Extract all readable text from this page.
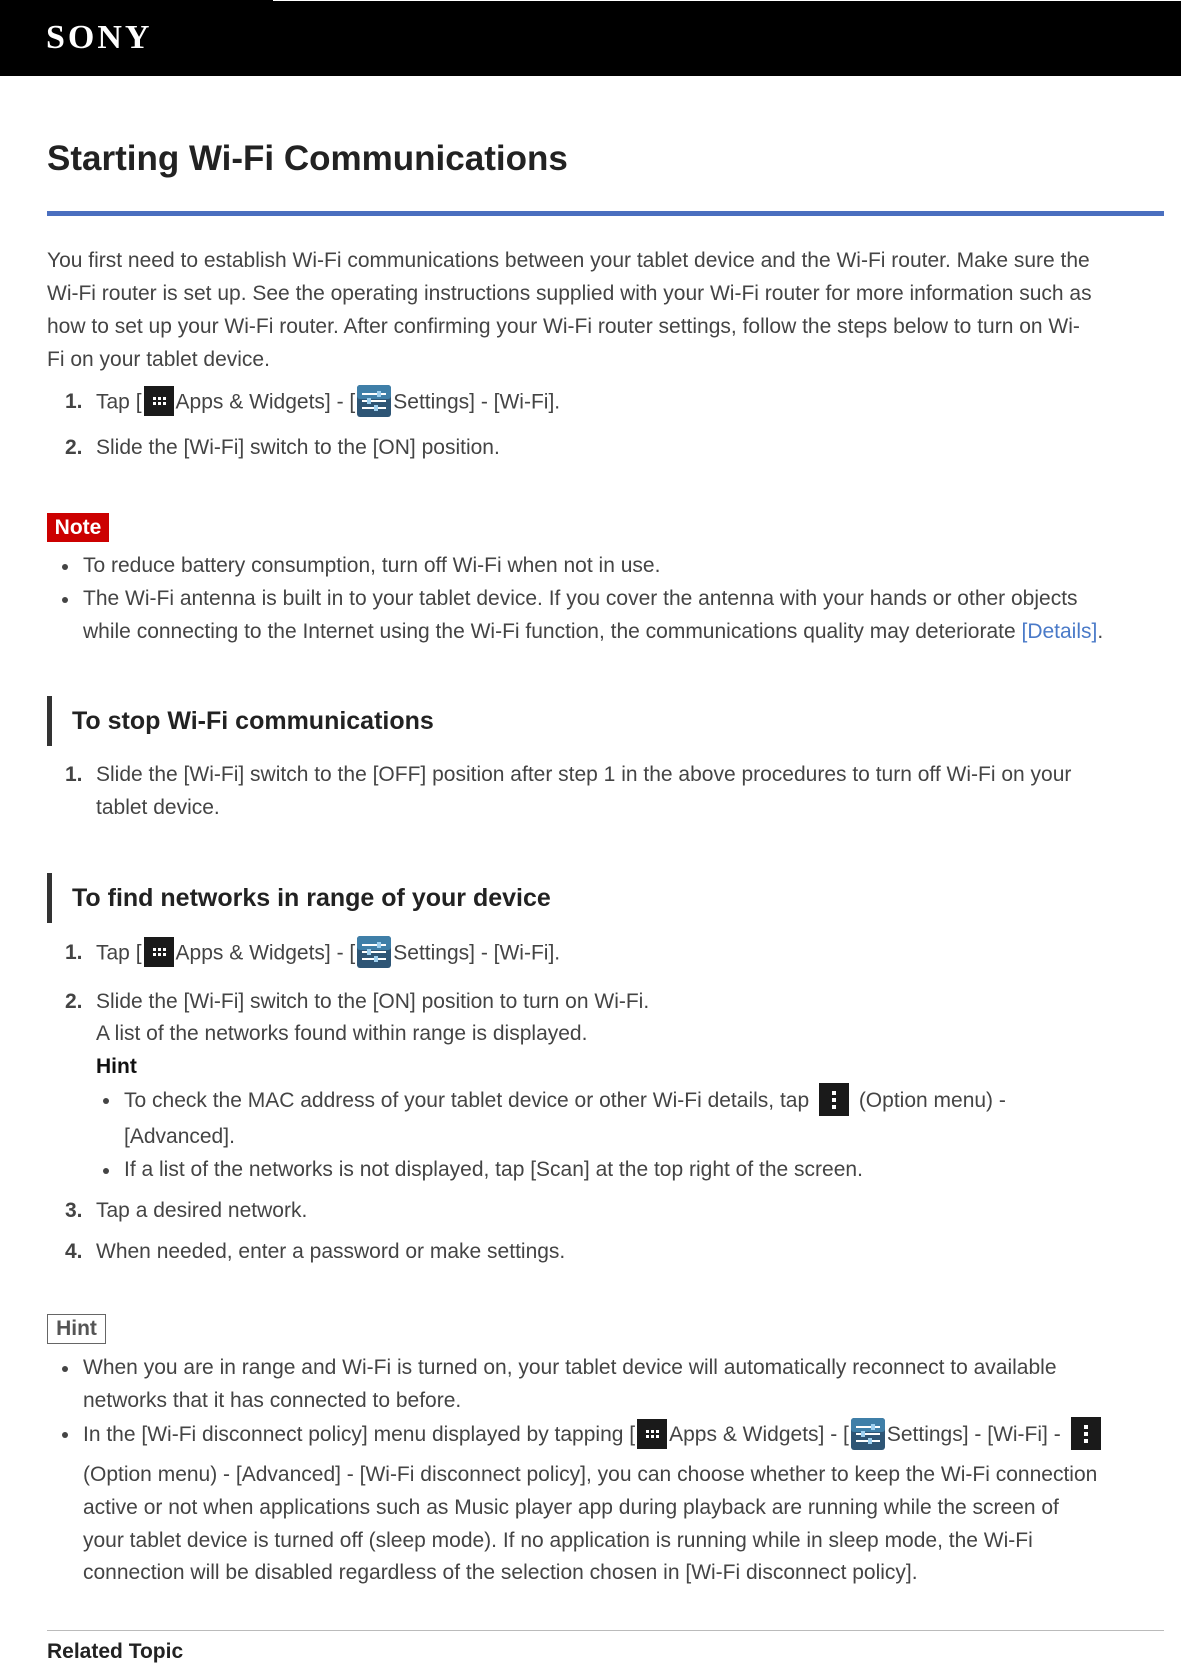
SONY
Starting Wi-Fi Communications
You first need to establish Wi-Fi communications between your tablet device and the Wi-Fi router. Make sure the
Wi-Fi router is set up. See the operating instructions supplied with your Wi-Fi router for more information such as
how to set up your Wi-Fi router. After confirming your Wi-Fi router settings, follow the steps below to turn on Wi-
Fi on your tablet device.
1. Tap [ Apps & Widgets] - [ Settings] - [Wi-Fi].
2. Slide the [Wi-Fi] switch to the [ON] position.
Note
To reduce battery consumption, turn off Wi-Fi when not in use.
The Wi-Fi antenna is built in to your tablet device. If you cover the antenna with your hands or other objects
while connecting to the Internet using the Wi-Fi function, the communications quality may deteriorate [Details].
To stop Wi-Fi communications
1. Slide the [Wi-Fi] switch to the [OFF] position after step 1 in the above procedures to turn off Wi-Fi on your
tablet device.
To find networks in range of your device
1. Tap [ Apps & Widgets] - [ Settings] - [Wi-Fi].
2. Slide the [Wi-Fi] switch to the [ON] position to turn on Wi-Fi.
A list of the networks found within range is displayed.
Hint
To check the MAC address of your tablet device or other Wi-Fi details, tap
(Option menu) -
[Advanced].
If a list of the networks is not displayed, tap [Scan] at the top right of the screen.
3. Tap a desired network.
4. When needed, enter a password or make settings.
Hint
When you are in range and Wi-Fi is turned on, your tablet device will automatically reconnect to available
networks that it has connected to before.
In the [Wi-Fi disconnect policy] menu displayed by tapping [ Apps & Widgets] - [ Settings] - [Wi-Fi] -
(Option menu) - [Advanced] - [Wi-Fi disconnect policy], you can choose whether to keep the Wi-Fi connection
active or not when applications such as Music player app during playback are running while the screen of
your tablet device is turned off (sleep mode). If no application is running while in sleep mode, the Wi-Fi
connection will be disabled regardless of the selection chosen in [Wi-Fi disconnect policy].
Related Topic
